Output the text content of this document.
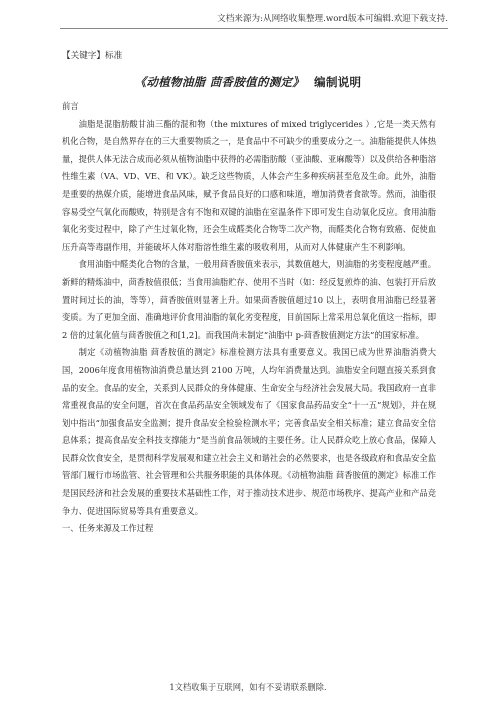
文档来源为:从网络收集整理.word版本可编辑.欢迎下载支持.
【关键字】标准
《动植物油脂 茴香胺值的测定》 编制说明

前言

油脂是混脂肪酸甘油三酯的混和物（the mixtures of mixed triglycerides ）,它是一类天然有机化合物，是自然界存在的三大重要物质之一，是食品中不可缺少的重要成分之一。油脂能提供人体热量，提供人体无法合成而必须从植物油脂中获得的必需脂肪酸（亚油酸、亚麻酸等）以及供给各种脂溶性维生素（VA、VD、VE、和 VK）。缺乏这些物质，人体会产生多种疾病甚至危及生命。此外，油脂是重要的热媒介质，能增进食品风味，赋予食品良好的口感和味道，增加消费者食欲等。然而，油脂很容易受空气氧化而酸败，特别是含有不饱和双键的油脂在室温条件下即可发生自动氧化反应。食用油脂氧化劣变过程中，除了产生过氧化物，还会生成醛类化合物等二次产物，而醛类化合物有致癌、促使血压升高等毒副作用，并能破坏人体对脂溶性维生素的吸收利用，从而对人体健康产生不利影响。

食用油脂中醛类化合物的含量，一般用茴香胺值来表示，其数值越大，则油脂的劣变程度越严重。新鲜的精炼油中，茴香胺值很低；当食用油脂贮存、使用不当时（如：经反复煎炸的油、包装打开后放置时间过长的油，等等），茴香胺值则显著上升。如果茴香胺值超过10 以上，表明食用油脂已经显著变质。为了更加全面、准确地评价食用油脂的氧化劣变程度，目前国际上常采用总氧化值这一指标，即 2 倍的过氧化值与茴香胺值之和[1,2]。而我国尚未制定“油脂中 p-茴香胺值测定方法”的国家标准。

制定《动植物油脂 茴香胺值的测定》标准检测方法具有重要意义。我国已成为世界油脂消费大国，2006年度食用植物油消费总量达到 2100 万吨，人均年消费量达到。油脂安全问题直接关系到食品的安全。食品的安全，关系到人民群众的身体健康、生命安全与经济社会发展大局。我国政府一直非常重视食品的安全问题，首次在食品药品安全领域发布了《国家食品药品安全“十一五”规划》，并在规划中指出“加强食品安全监测；提升食品安全检验检测水平；完善食品安全相关标准；建立食品安全信息体系；提高食品安全科技支撑能力”是当前食品领域的主要任务。让人民群众吃上放心食品，保障人民群众饮食安全，是贯彻科学发展观和建立社会主义和谐社会的必然要求，也是各级政府和食品安全监管部门履行市场监管、社会管理和公共服务职能的具体体现。《动植物油脂 茴香胺值的测定》标准工作是国民经济和社会发展的重要技术基础性工作，对于推动技术进步、规范市场秩序、提高产业和产品竞争力、促进国际贸易等具有重要意义。

一、任务来源及工作过程

1文档收集于互联网，如有不妥请联系删除.
